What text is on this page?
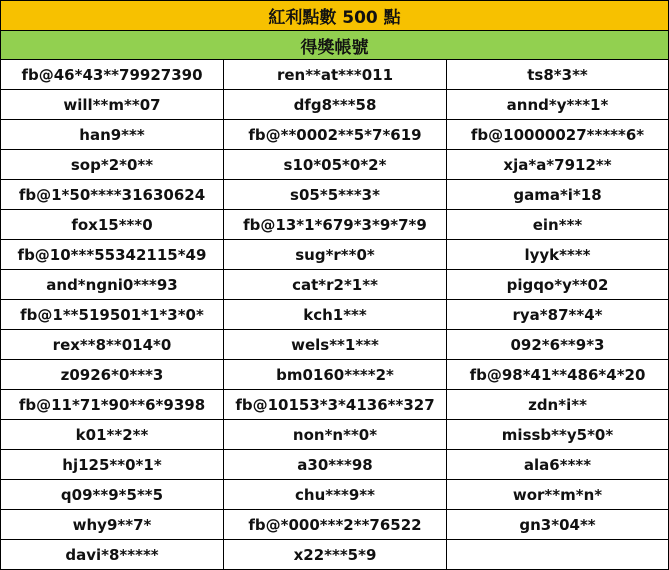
紅利點數 500 點		
得獎帳號		
fb@46*43**79927390	ren**at***011	ts8*3**
will**m**07	dfg8***58	annd*y***1*
han9***	fb@**0002**5*7*619	fb@10000027*****6*
sop*2*0**	s10*05*0*2*	xja*a*7912**
fb@1*50****31630624	s05*5***3*	gama*i*18
fox15***0	fb@13*1*679*3*9*7*9	ein***
fb@10***55342115*49	sug*r**0*	lyyk****
and*ngni0***93	cat*r2*1**	pigqo*y**02
fb@1**519501*1*3*0*	kch1***	rya*87**4*
rex**8**014*0	wels**1***	092*6**9*3
z0926*0***3	bm0160****2*	fb@98*41**486*4*20
fb@11*71*90**6*9398	fb@10153*3*4136**327	zdn*i**
k01**2**	non*n**0*	missb**y5*0*
hj125**0*1*	a30***98	ala6****
q09**9*5**5	chu***9**	wor**m*n*
why9**7*	fb@*000***2**76522	gn3*04**
davi*8*****	x22***5*9	
